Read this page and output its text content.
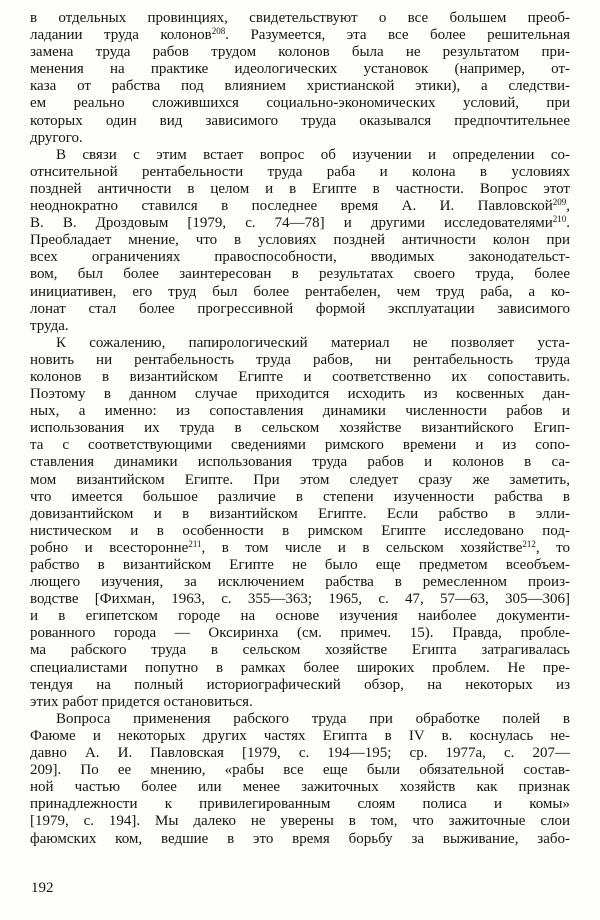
в отдельных провинциях, свидетельствуют о все большем преоб-
ладании труда колонов$^{208}$. Разумеется, эта все более решительная
замена труда рабов трудом колонов была не результатом при-
менения на практике идеологических установок (например, от-
каза от рабства под влиянием христианской этики), а следстви-
ем реально сложившихся социально-экономических условий, при
которых один вид зависимого труда оказывался предпочтительнее
другого.
В связи с этим встает вопрос об изучении и определении со-
отнсительной рентабельности труда раба и колона в условиях
поздней античности в целом и в Египте в частности. Вопрос этот
неоднократно ставился в последнее время А. И. Павловской$^{209}$,
В. В. Дроздовым [1979, с. 74—78] и другими исследователями$^{210}$.
Преобладает мнение, что в условиях поздней античности колон при
всех ограничениях правоспособности, вводимых законодательст-
вом, был более заинтересован в результатах своего труда, более
инициативен, его труд был более рентабелен, чем труд раба, а ко-
лонат стал более прогрессивной формой эксплуатации зависимого
труда.
К сожалению, папирологический материал не позволяет уста-
новить ни рентабельность труда рабов, ни рентабельность труда
колонов в византийском Египте и соответственно их сопоставить.
Поэтому в данном случае приходится исходить из косвенных дан-
ных, а именно: из сопоставления динамики численности рабов и
использования их труда в сельском хозяйстве византийского Егип-
та с соответствующими сведениями римского времени и из сопо-
ставления динамики использования труда рабов и колонов в са-
мом византийском Египте. При этом следует сразу же заметить,
что имеется большое различие в степени изученности рабства в
довизантийском и в византийском Египте. Если рабство в элли-
нистическом и в особенности в римском Египте исследовано под-
робно и всесторонне$^{211}$, в том числе и в сельском хозяйстве$^{212}$, то
рабство в византийском Египте не было еще предметом всеобъем-
лющего изучения, за исключением рабства в ремесленном произ-
водстве [Фихман, 1963, с. 355—363; 1965, с. 47, 57—63, 305—306]
и в египетском городе на основе изучения наиболее документи-
рованного города — Оксиринха (см. примеч. 15). Правда, пробле-
ма рабского труда в сельском хозяйстве Египта затрагивалась
специалистами попутно в рамках более широких проблем. Не пре-
тендуя на полный историографический обзор, на некоторых из
этих работ придется остановиться.
Вопроса применения рабского труда при обработке полей в
Фаюме и некоторых других частях Египта в IV в. коснулась не-
давно А. И. Павловская [1979, с. 194—195; ср. 1977а, с. 207—
209]. По ее мнению, «рабы все еще были обязательной состав-
ной частью более или менее зажиточных хозяйств как признак
принадлежности к привилегированным слоям полиса и комы»
[1979, с. 194]. Мы далеко не уверены в том, что зажиточные слои
фаюмских ком, ведшие в это время борьбу за выживание, забо-
192
